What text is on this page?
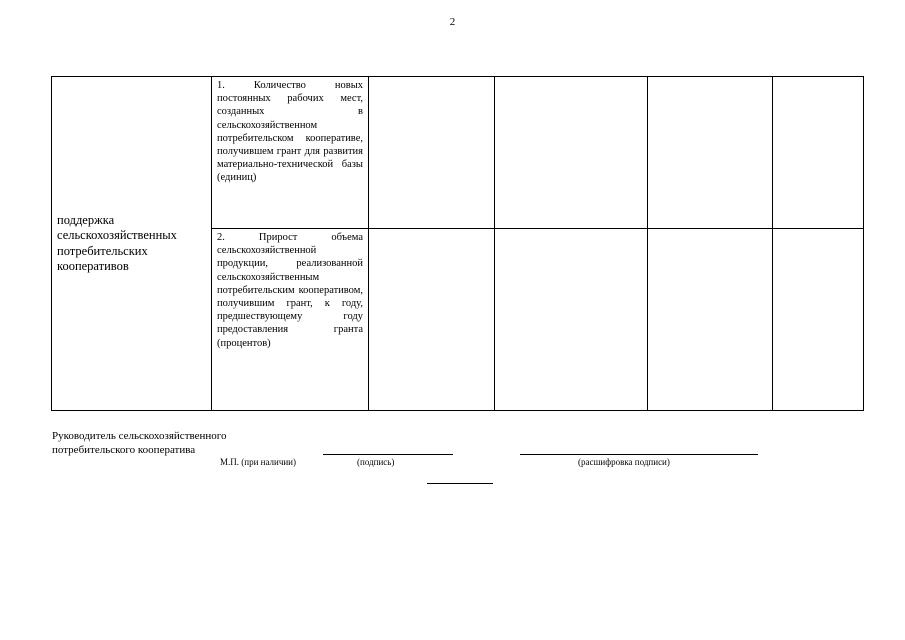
2
поддержка сельскохозяйственных потребительских кооперативов	1. Количество новых постоянных рабочих мест, созданных в сельскохозяйственном потребительском кооперативе, получившем грант для развития материально-технической базы (единиц)				
	2. Прирост объема сельскохозяйственной продукции, реализованной сельскохозяйственным потребительским кооперативом, получившим грант, к году, предшествующему году предоставления гранта (процентов)				
Руководитель сельскохозяйственного
потребительского кооператива
М.П. (при наличии)	(подпись)	(расшифровка подписи)
